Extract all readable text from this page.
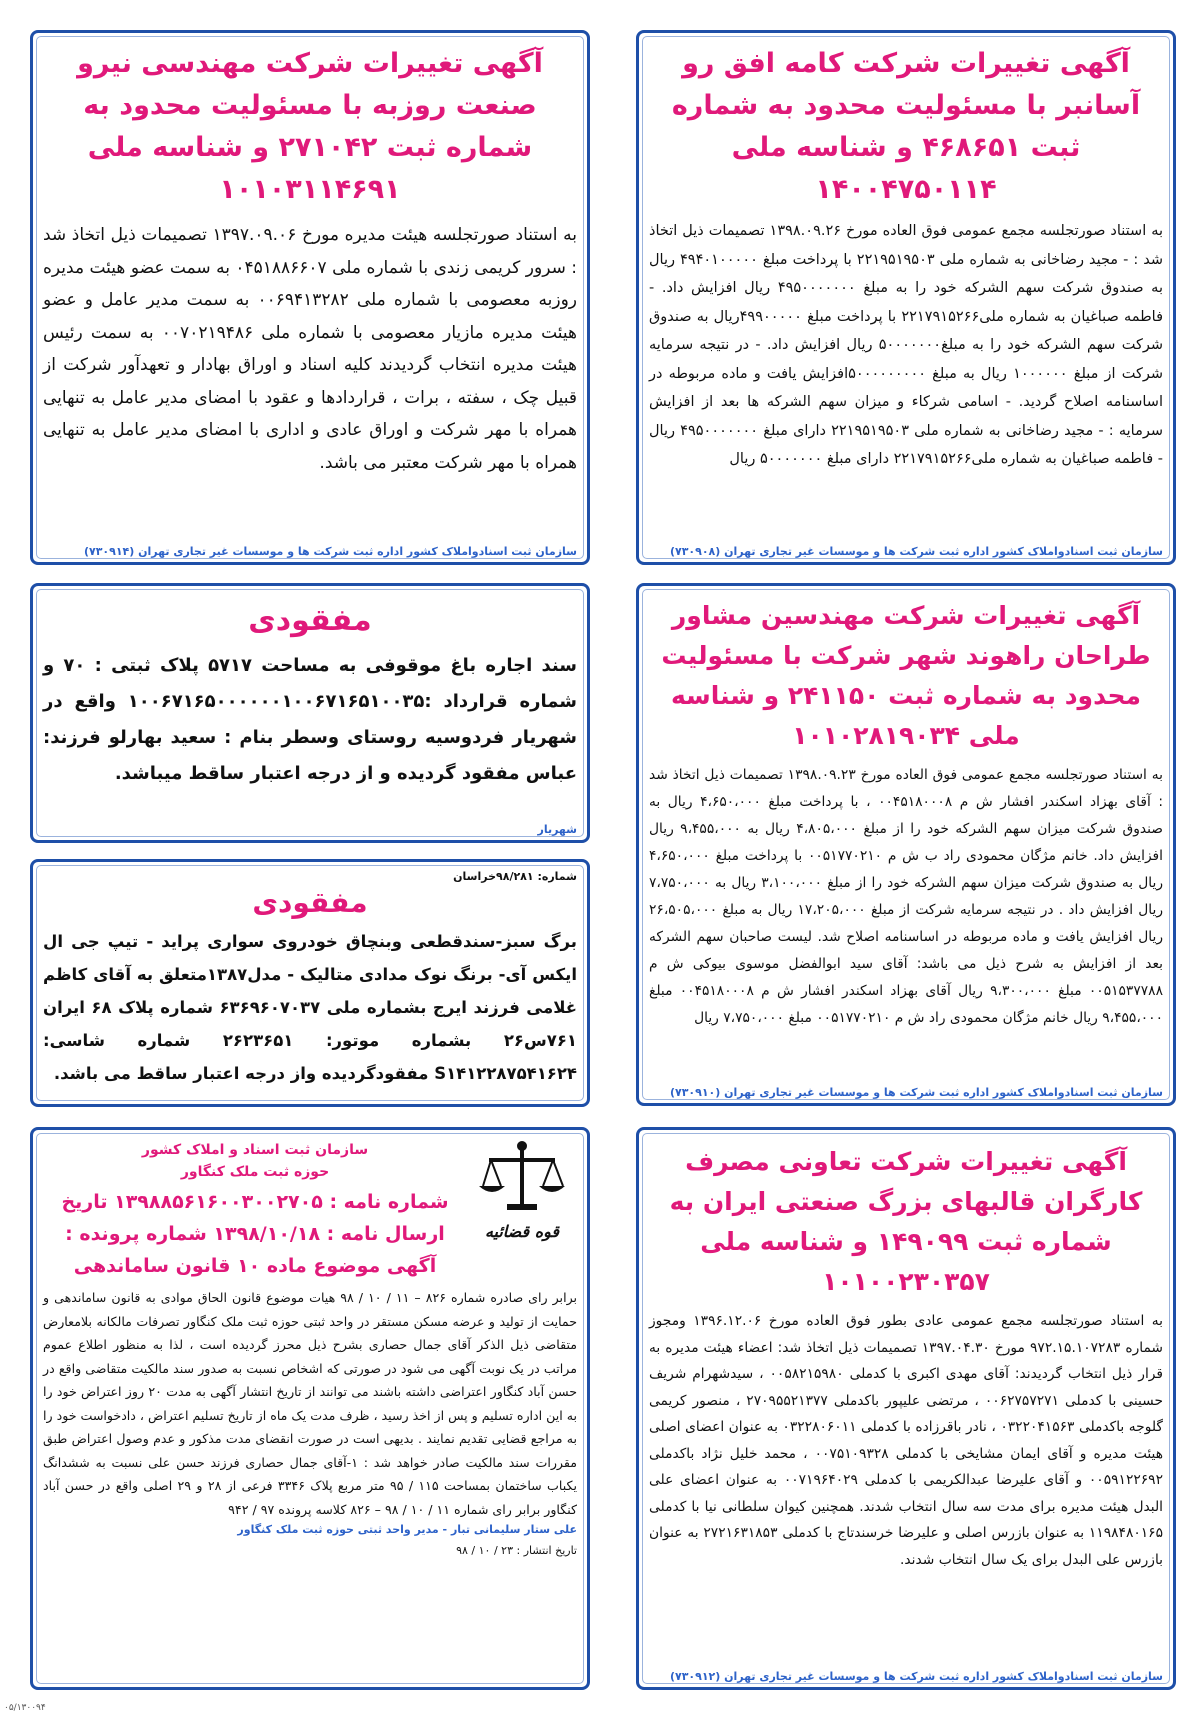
آگهی تغییرات شرکت کامه افق رو آسانبر با مسئولیت محدود به شماره ثبت ۴۶۸۶۵۱ و شناسه ملی ۱۴۰۰۴۷۵۰۱۱۴
به استناد صورتجلسه مجمع عمومی فوق العاده مورخ ۱۳۹۸.۰۹.۲۶ تصمیمات ذیل اتخاذ شد : - مجید رضاخانی به شماره ملی ۲۲۱۹۵۱۹۵۰۳ با پرداخت مبلغ ۴۹۴۰۱۰۰۰۰۰ ریال به صندوق شرکت سهم الشرکه خود را به مبلغ ۴۹۵۰۰۰۰۰۰۰ ریال افزایش داد. - فاطمه صباغیان به شماره ملی۲۲۱۷۹۱۵۲۶۶ با پرداخت مبلغ ۴۹۹۰۰۰۰۰ریال به صندوق شرکت سهم الشرکه خود را به مبلغ۵۰۰۰۰۰۰۰ ریال افزایش داد. - در نتیجه سرمایه شرکت از مبلغ ۱۰۰۰۰۰۰ ریال به مبلغ ۵۰۰۰۰۰۰۰۰۰افزایش یافت و ماده مربوطه در اساسنامه اصلاح گردید. - اسامی شرکاء و میزان سهم الشرکه ها بعد از افزایش سرمایه : - مجید رضاخانی به شماره ملی ۲۲۱۹۵۱۹۵۰۳ دارای مبلغ ۴۹۵۰۰۰۰۰۰۰ ریال - فاطمه صباغیان به شماره ملی۲۲۱۷۹۱۵۲۶۶ دارای مبلغ ۵۰۰۰۰۰۰۰ ریال
سازمان ثبت اسنادواملاک کشور اداره ثبت شرکت ها و موسسات غیر تجاری تهران (۷۳۰۹۰۸)
آگهی تغییرات شرکت مهندسی نیرو صنعت روزبه با مسئولیت محدود به شماره ثبت ۲۷۱۰۴۲ و شناسه ملی ۱۰۱۰۳۱۱۴۶۹۱
به استناد صورتجلسه هیئت مدیره مورخ ۱۳۹۷.۰۹.۰۶ تصمیمات ذیل اتخاذ شد : سرور کریمی زندی با شماره ملی ۰۴۵۱۸۸۶۶۰۷ به سمت عضو هیئت مدیره روزبه معصومی با شماره ملی ۰۰۶۹۴۱۳۲۸۲ به سمت مدیر عامل و عضو هیئت مدیره مازیار معصومی با شماره ملی ۰۰۷۰۲۱۹۴۸۶ به سمت رئیس هیئت مدیره انتخاب گردیدند کلیه اسناد و اوراق بهادار و تعهدآور شرکت از قبیل چک ، سفته ، برات ، قراردادها و عقود با امضای مدیر عامل به تنهایی همراه با مهر شرکت و اوراق عادی و اداری با امضای مدیر عامل به تنهایی همراه با مهر شرکت معتبر می باشد.
سازمان ثبت اسنادواملاک کشور اداره ثبت شرکت ها و موسسات غیر تجاری تهران (۷۳۰۹۱۴)
آگهی تغییرات شرکت مهندسین مشاور طراحان راهوند شهر شرکت با مسئولیت محدود به شماره ثبت ۲۴۱۱۵۰ و شناسه ملی ۱۰۱۰۲۸۱۹۰۳۴
به استناد صورتجلسه مجمع عمومی فوق العاده مورخ ۱۳۹۸.۰۹.۲۳ تصمیمات ذیل اتخاذ شد : آقای بهزاد اسکندر افشار ش م ۰۰۴۵۱۸۰۰۰۸ ، با پرداخت مبلغ ۴،۶۵۰،۰۰۰ ریال به صندوق شرکت میزان سهم الشرکه خود را از مبلغ ۴،۸۰۵،۰۰۰ ریال به ۹،۴۵۵،۰۰۰ ریال افزایش داد. خانم مژگان محمودی راد ب ش م ۰۰۵۱۷۷۰۲۱۰ با پرداخت مبلغ ۴،۶۵۰،۰۰۰ ریال به صندوق شرکت میزان سهم الشرکه خود را از مبلغ ۳،۱۰۰،۰۰۰ ریال به ۷،۷۵۰،۰۰۰ ریال افزایش داد . در نتیجه سرمایه شرکت از مبلغ ۱۷،۲۰۵،۰۰۰ ریال به مبلغ ۲۶،۵۰۵،۰۰۰ ریال افزایش یافت و ماده مربوطه در اساسنامه اصلاح شد. لیست صاحبان سهم الشرکه بعد از افزایش به شرح ذیل می باشد: آقای سید ابوالفضل موسوی بیوکی ش م ۰۰۵۱۵۳۷۷۸۸ مبلغ ۹،۳۰۰،۰۰۰ ریال آقای بهزاد اسکندر افشار ش م ۰۰۴۵۱۸۰۰۰۸ مبلغ ۹،۴۵۵،۰۰۰ ریال خانم مژگان محمودی راد ش م ۰۰۵۱۷۷۰۲۱۰ مبلغ ۷،۷۵۰،۰۰۰ ریال
سازمان ثبت اسنادواملاک کشور اداره ثبت شرکت ها و موسسات غیر تجاری تهران (۷۳۰۹۱۰)
مفقودی
سند اجاره باغ موقوفی به مساحت ۵۷۱۷ پلاک ثبتی : ۷۰ و شماره قرارداد :۱۰۰۶۷۱۶۵۰۰۰۰۰۰۱۰۰۶۷۱۶۵۱۰۰۳۵ واقع در شهریار فردوسیه روستای وسطر بنام : سعید بهارلو فرزند: عباس مفقود گردیده و از درجه اعتبار ساقط میباشد.
شهریار
شماره: ۹۸/۲۸۱خراسان
مفقودی
برگ سبز-سندقطعی وبنچاق خودروی سواری پراید - تیپ جی ال ایکس آی- برنگ نوک مدادی متالیک - مدل۱۳۸۷متعلق به آقای کاظم غلامی فرزند ایرج بشماره ملی ۶۳۶۹۶۰۷۰۳۷ شماره پلاک ۶۸ ایران ۷۶۱س۲۶ بشماره موتور: ۲۶۲۳۶۵۱ شماره شاسی: S۱۴۱۲۲۸۷۵۴۱۶۲۴ مفقودگردیده واز درجه اعتبار ساقط می باشد.
قوه قضائیه
سازمان ثبت اسناد و املاک کشور
حوزه ثبت ملک کنگاور
شماره نامه : ۱۳۹۸۸۵۶۱۶۰۰۳۰۰۲۷۰۵ تاریخ ارسال نامه : ۱۳۹۸/۱۰/۱۸ شماره پرونده : آگهی موضوع ماده ۱۰ قانون ساماندهی
برابر رای صادره شماره ۸۲۶ – ۱۱ / ۱۰ / ۹۸ هیات موضوع قانون الحاق موادی به قانون ساماندهی و حمایت از تولید و عرضه مسکن مستقر در واحد ثبتی حوزه ثبت ملک کنگاور تصرفات مالکانه بلامعارض متقاضی ذیل الذکر آقای جمال حصاری بشرح ذیل محرز گردیده است ، لذا به منظور اطلاع عموم مراتب در یک نوبت آگهی می شود در صورتی که اشخاص نسبت به صدور سند مالکیت متقاضی واقع در حسن آباد کنگاور اعتراضی داشته باشند می توانند از تاریخ انتشار آگهی به مدت ۲۰ روز اعتراض خود را به این اداره تسلیم و پس از اخذ رسید ، ظرف مدت یک ماه از تاریخ تسلیم اعتراض ، دادخواست خود را به مراجع قضایی تقدیم نمایند . بدیهی است در صورت انقضای مدت مذکور و عدم وصول اعتراض طبق مقررات سند مالکیت صادر خواهد شد : ۱-آقای جمال حصاری فرزند حسن علی نسبت به ششدانگ یکباب ساختمان بمساحت ۱۱۵ / ۹۵ متر مربع پلاک ۳۳۴۶ فرعی از ۲۸ و ۲۹ اصلی واقع در حسن آباد کنگاور برابر رای شماره ۱۱ / ۱۰ / ۹۸ – ۸۲۶ کلاسه پرونده ۹۷ / ۹۴۲
علی ستار سلیمانی تبار - مدیر واحد ثبتی حوزه ثبت ملک کنگاور
تاریخ انتشار : ۲۳ / ۱۰ / ۹۸
آگهی تغییرات شرکت تعاونی مصرف کارگران قالبهای بزرگ صنعتی ایران به شماره ثبت ۱۴۹۰۹۹ و شناسه ملی ۱۰۱۰۰۲۳۰۳۵۷
به استناد صورتجلسه مجمع عمومی عادی بطور فوق العاده مورخ ۱۳۹۶.۱۲.۰۶ ومجوز شماره ۹۷۲.۱۵.۱۰۷۲۸۳ مورخ ۱۳۹۷.۰۴.۳۰ تصمیمات ذیل اتخاذ شد: اعضاء هیئت مدیره به قرار ذیل انتخاب گردیدند: آقای مهدی اکبری با کدملی ۰۰۵۸۲۱۵۹۸۰ ، سیدشهرام شریف حسینی با کدملی ۰۰۶۲۷۵۷۲۷۱ ، مرتضی علیپور باکدملی ۲۷۰۹۵۵۲۱۳۷۷ ، منصور کریمی گلوجه باکدملی ۰۳۲۲۰۴۱۵۶۳ ، نادر باقرزاده با کدملی ۰۳۲۲۸۰۶۰۱۱ به عنوان اعضای اصلی هیئت مدیره و آقای ایمان مشایخی با کدملی ۰۰۷۵۱۰۹۳۲۸ ، محمد خلیل نژاد باکدملی ۰۰۵۹۱۲۲۶۹۲ و آقای علیرضا عبدالکریمی با کدملی ۰۰۷۱۹۶۴۰۲۹ به عنوان اعضای علی البدل هیئت مدیره برای مدت سه سال انتخاب شدند. همچنین کیوان سلطانی نیا با کدملی ۱۱۹۸۴۸۰۱۶۵ به عنوان بازرس اصلی و علیرضا خرسندتاج با کدملی ۲۷۲۱۶۳۱۸۵۳ به عنوان بازرس علی البدل برای یک سال انتخاب شدند.
سازمان ثبت اسنادواملاک کشور اداره ثبت شرکت ها و موسسات غیر تجاری تهران (۷۳۰۹۱۲)
۰۵/۱۳۰۰۹۴
